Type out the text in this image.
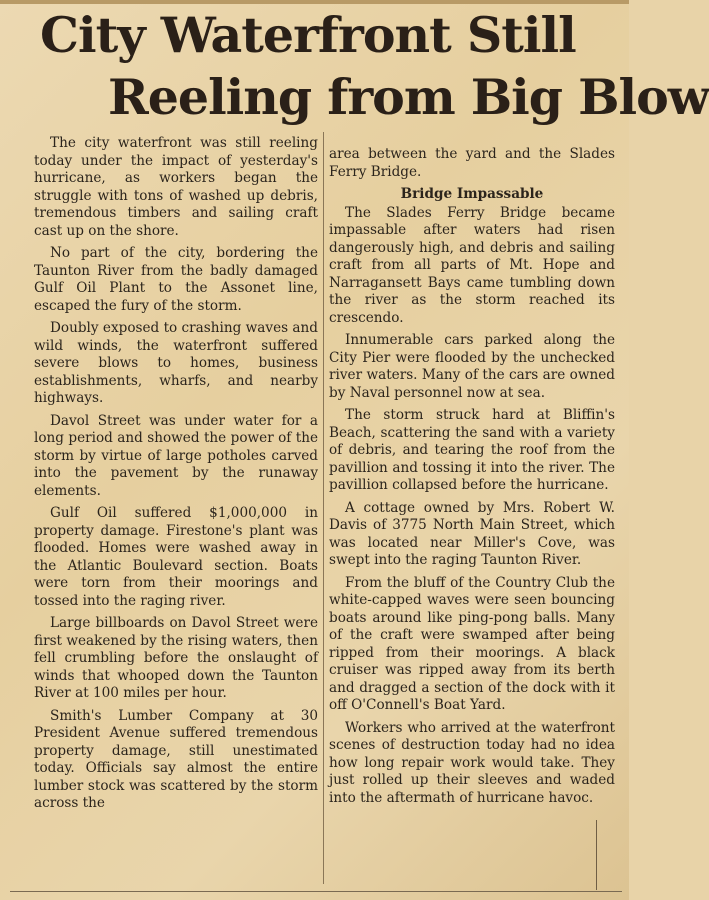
City Waterfront Still
Reeling from Big Blow

The city waterfront was still reeling today under the impact of yesterday's hurricane, as workers began the struggle with tons of washed up debris, tremendous timbers and sailing craft cast up on the shore.

No part of the city, bordering the Taunton River from the badly damaged Gulf Oil Plant to the Assonet line, escaped the fury of the storm.

Doubly exposed to crashing waves and wild winds, the waterfront suffered severe blows to homes, business establishments, wharfs, and nearby highways.

Davol Street was under water for a long period and showed the power of the storm by virtue of large potholes carved into the pavement by the runaway elements.

Gulf Oil suffered $1,000,000 in property damage. Firestone's plant was flooded. Homes were washed away in the Atlantic Boulevard section. Boats were torn from their moorings and tossed into the raging river.

Large billboards on Davol Street were first weakened by the rising waters, then fell crumbling before the onslaught of winds that whooped down the Taunton River at 100 miles per hour.

Smith's Lumber Company at 30 President Avenue suffered tremendous property damage, still unestimated today. Officials say almost the entire lumber stock was scattered by the storm across the

area between the yard and the Slades Ferry Bridge.

Bridge Impassable

The Slades Ferry Bridge became impassable after waters had risen dangerously high, and debris and sailing craft from all parts of Mt. Hope and Narragansett Bays came tumbling down the river as the storm reached its crescendo.

Innumerable cars parked along the City Pier were flooded by the unchecked river waters. Many of the cars are owned by Naval personnel now at sea.

The storm struck hard at Bliffin's Beach, scattering the sand with a variety of debris, and tearing the roof from the pavillion and tossing it into the river. The pavillion collapsed before the hurricane.

A cottage owned by Mrs. Robert W. Davis of 3775 North Main Street, which was located near Miller's Cove, was swept into the raging Taunton River.

From the bluff of the Country Club the white-capped waves were seen bouncing boats around like ping-pong balls. Many of the craft were swamped after being ripped from their moorings. A black cruiser was ripped away from its berth and dragged a section of the dock with it off O'Connell's Boat Yard.

Workers who arrived at the waterfront scenes of destruction today had no idea how long repair work would take. They just rolled up their sleeves and waded into the aftermath of hurricane havoc.
